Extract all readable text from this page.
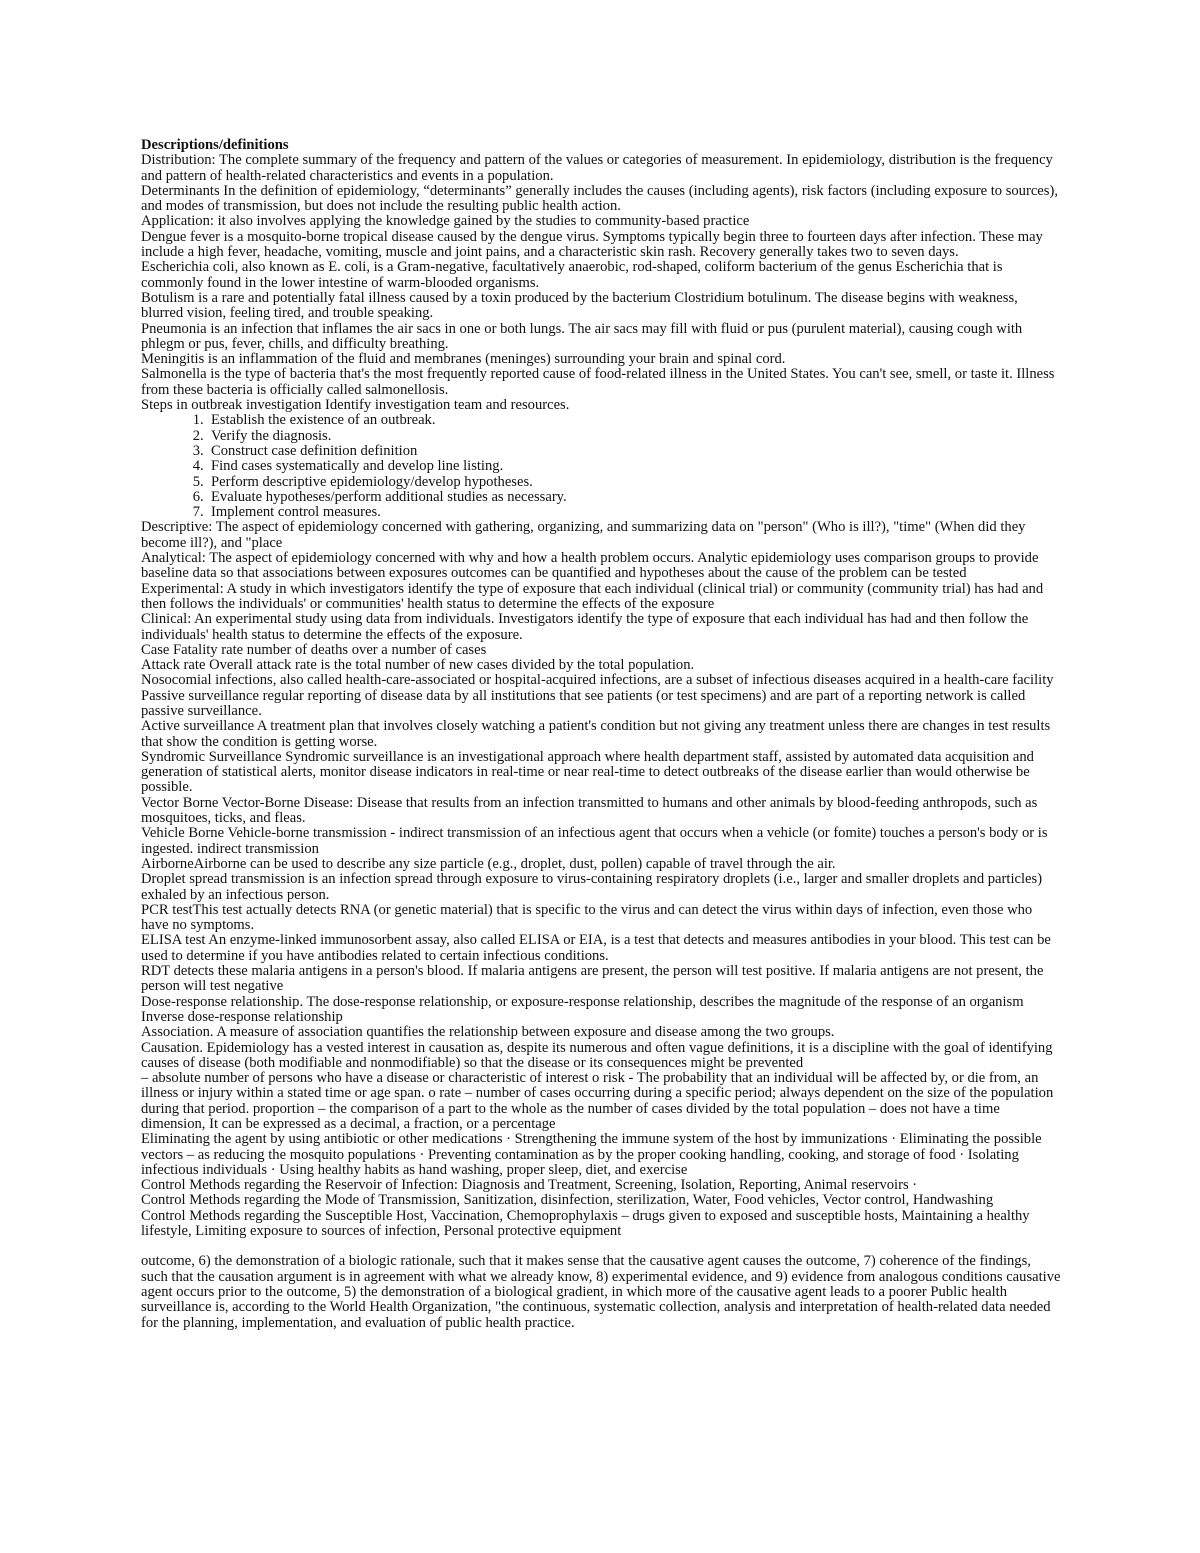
Descriptions/definitions

Distribution: The complete summary of the frequency and pattern of the values or categories of measurement. In epidemiology, distribution is the frequency and pattern of health-related characteristics and events in a population.

Determinants In the definition of epidemiology, “determinants” generally includes the causes (including agents), risk factors (including exposure to sources), and modes of transmission, but does not include the resulting public health action.

Application: it also involves applying the knowledge gained by the studies to community-based practice

Dengue fever is a mosquito-borne tropical disease caused by the dengue virus. Symptoms typically begin three to fourteen days after infection. These may include a high fever, headache, vomiting, muscle and joint pains, and a characteristic skin rash. Recovery generally takes two to seven days.

Escherichia coli, also known as E. coli, is a Gram-negative, facultatively anaerobic, rod-shaped, coliform bacterium of the genus Escherichia that is commonly found in the lower intestine of warm-blooded organisms.

Botulism is a rare and potentially fatal illness caused by a toxin produced by the bacterium Clostridium botulinum. The disease begins with weakness, blurred vision, feeling tired, and trouble speaking.

Pneumonia is an infection that inflames the air sacs in one or both lungs. The air sacs may fill with fluid or pus (purulent material), causing cough with phlegm or pus, fever, chills, and difficulty breathing.

Meningitis is an inflammation of the fluid and membranes (meninges) surrounding your brain and spinal cord.

Salmonella is the type of bacteria that's the most frequently reported cause of food-related illness in the United States. You can't see, smell, or taste it. Illness from these bacteria is officially called salmonellosis.

Steps in outbreak investigation Identify investigation team and resources.

1. Establish the existence of an outbreak.
2. Verify the diagnosis.
3. Construct case definition definition
4. Find cases systematically and develop line listing.
5. Perform descriptive epidemiology/develop hypotheses.
6. Evaluate hypotheses/perform additional studies as necessary.
7. Implement control measures.

Descriptive: The aspect of epidemiology concerned with gathering, organizing, and summarizing data on "person" (Who is ill?), "time" (When did they become ill?), and "place

Analytical: The aspect of epidemiology concerned with why and how a health problem occurs. Analytic epidemiology uses comparison groups to provide baseline data so that associations between exposures outcomes can be quantified and hypotheses about the cause of the problem can be tested

Experimental: A study in which investigators identify the type of exposure that each individual (clinical trial) or community (community trial) has had and then follows the individuals' or communities' health status to determine the effects of the exposure

Clinical: An experimental study using data from individuals. Investigators identify the type of exposure that each individual has had and then follow the individuals' health status to determine the effects of the exposure.

Case Fatality rate number of deaths over a number of cases

Attack rate Overall attack rate is the total number of new cases divided by the total population.

Nosocomial infections, also called health-care-associated or hospital-acquired infections, are a subset of infectious diseases acquired in a health-care facility

Passive surveillance regular reporting of disease data by all institutions that see patients (or test specimens) and are part of a reporting network is called passive surveillance.

Active surveillance A treatment plan that involves closely watching a patient's condition but not giving any treatment unless there are changes in test results that show the condition is getting worse.

Syndromic Surveillance Syndromic surveillance is an investigational approach where health department staff, assisted by automated data acquisition and generation of statistical alerts, monitor disease indicators in real-time or near real-time to detect outbreaks of the disease earlier than would otherwise be possible.

Vector Borne Vector-Borne Disease: Disease that results from an infection transmitted to humans and other animals by blood-feeding anthropods, such as mosquitoes, ticks, and fleas.

Vehicle Borne Vehicle-borne transmission - indirect transmission of an infectious agent that occurs when a vehicle (or fomite) touches a person's body or is ingested. indirect transmission

AirborneAirborne can be used to describe any size particle (e.g., droplet, dust, pollen) capable of travel through the air.

Droplet spread transmission is an infection spread through exposure to virus-containing respiratory droplets (i.e., larger and smaller droplets and particles) exhaled by an infectious person.

PCR testThis test actually detects RNA (or genetic material) that is specific to the virus and can detect the virus within days of infection, even those who have no symptoms.

ELISA test An enzyme-linked immunosorbent assay, also called ELISA or EIA, is a test that detects and measures antibodies in your blood. This test can be used to determine if you have antibodies related to certain infectious conditions.

RDT detects these malaria antigens in a person's blood. If malaria antigens are present, the person will test positive. If malaria antigens are not present, the person will test negative

Dose-response relationship. The dose-response relationship, or exposure-response relationship, describes the magnitude of the response of an organism

Inverse dose-response relationship

Association. A measure of association quantifies the relationship between exposure and disease among the two groups.

Causation. Epidemiology has a vested interest in causation as, despite its numerous and often vague definitions, it is a discipline with the goal of identifying causes of disease (both modifiable and nonmodifiable) so that the disease or its consequences might be prevented

– absolute number of persons who have a disease or characteristic of interest o risk - The probability that an individual will be affected by, or die from, an illness or injury within a stated time or age span. o rate – number of cases occurring during a specific period; always dependent on the size of the population during that period. proportion – the comparison of a part to the whole as the number of cases divided by the total population – does not have a time dimension, It can be expressed as a decimal, a fraction, or a percentage

Eliminating the agent by using antibiotic or other medications · Strengthening the immune system of the host by immunizations · Eliminating the possible vectors – as reducing the mosquito populations · Preventing contamination as by the proper cooking handling, cooking, and storage of food · Isolating infectious individuals · Using healthy habits as hand washing, proper sleep, diet, and exercise

Control Methods regarding the Reservoir of Infection: Diagnosis and Treatment, Screening, Isolation, Reporting, Animal reservoirs ·

Control Methods regarding the Mode of Transmission, Sanitization, disinfection, sterilization, Water, Food vehicles, Vector control, Handwashing

Control Methods regarding the Susceptible Host, Vaccination, Chemoprophylaxis – drugs given to exposed and susceptible hosts, Maintaining a healthy lifestyle, Limiting exposure to sources of infection, Personal protective equipment

outcome, 6) the demonstration of a biologic rationale, such that it makes sense that the causative agent causes the outcome, 7) coherence of the findings, such that the causation argument is in agreement with what we already know, 8) experimental evidence, and 9) evidence from analogous conditions causative agent occurs prior to the outcome, 5) the demonstration of a biological gradient, in which more of the causative agent leads to a poorer Public health surveillance is, according to the World Health Organization, "the continuous, systematic collection, analysis and interpretation of health-related data needed for the planning, implementation, and evaluation of public health practice.
